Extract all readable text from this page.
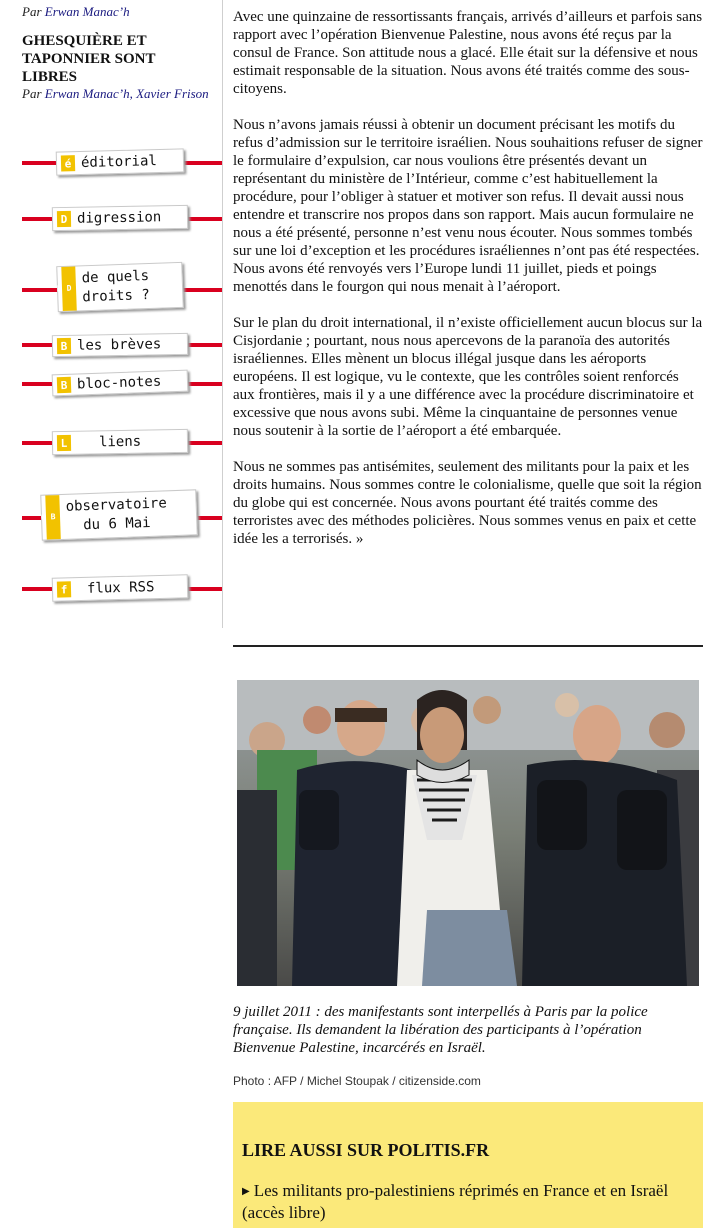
Par Erwan Manac’h
GHESQUIÈRE ET TAPONNIER SONT LIBRES
Par Erwan Manac’h, Xavier Frison
é éditorial
D digression
D D D
de quels
droits ?
B les brèves
B bloc-notes
L liens
O B S
observatoire
du 6 Mai
f flux RSS

Avec une quinzaine de ressortissants français, arrivés d’ailleurs et parfois sans rapport avec l’opération Bienvenue Palestine, nous avons été reçus par la consul de France. Son attitude nous a glacé. Elle était sur la défensive et nous estimait responsable de la situation. Nous avons été traités comme des sous-citoyens.

Nous n’avons jamais réussi à obtenir un document précisant les motifs du refus d’admission sur le territoire israélien. Nous souhaitions refuser de signer le formulaire d’expulsion, car nous voulions être présentés devant un représentant du ministère de l’Intérieur, comme c’est habituellement la procédure, pour l’obliger à statuer et motiver son refus. Il devait aussi nous entendre et transcrire nos propos dans son rapport. Mais aucun formulaire ne nous a été présenté, personne n’est venu nous écouter. Nous sommes tombés sur une loi d’exception et les procédures israéliennes n’ont pas été respectées. Nous avons été renvoyés vers l’Europe lundi 11 juillet, pieds et poings menottés dans le fourgon qui nous menait à l’aéroport.

Sur le plan du droit international, il n’existe officiellement aucun blocus sur la Cisjordanie ; pourtant, nous nous apercevons de la paranoïa des autorités israéliennes. Elles mènent un blocus illégal jusque dans les aéroports européens. Il est logique, vu le contexte, que les contrôles soient renforcés aux frontières, mais il y a une différence avec la procédure discriminatoire et excessive que nous avons subi. Même la cinquantaine de personnes venue nous soutenir à la sortie de l’aéroport a été embarquée.

Nous ne sommes pas antisémites, seulement des militants pour la paix et les droits humains. Nous sommes contre le colonialisme, quelle que soit la région du globe qui est concernée. Nous avons pourtant été traités comme des terroristes avec des méthodes policières. Nous sommes venus en paix et cette idée les a terrorisés. »

9 juillet 2011 : des manifestants sont interpellés à Paris par la police française. Ils demandent la libération des participants à l’opération Bienvenue Palestine, incarcérés en Israël.

Photo : AFP / Michel Stoupak / citizenside.com
LIRE AUSSI SUR POLITIS.FR
▶ Les militants pro-palestiniens réprimés en France et en Israël (accès libre)
